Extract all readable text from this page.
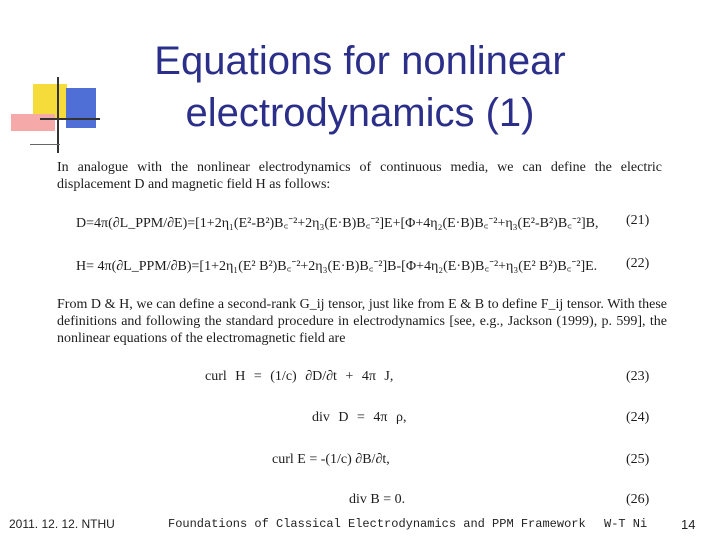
Equations for nonlinear
electrodynamics (1)
In analogue with the nonlinear electrodynamics of continuous media, we can define the electric displacement D and magnetic field H as follows:
D=4π(∂L_PPM/∂E)=[1+2η₁(E²-B²)B꜀⁻²+2η₃(E·B)B꜀⁻²]E+[Φ+4η₂(E·B)B꜀⁻²+η₃(E²-B²)B꜀⁻²]B, (21)
H= 4π(∂L_PPM/∂B)=[1+2η₁(E² B²)B꜀⁻²+2η₃(E·B)B꜀⁻²]B-[Φ+4η₂(E·B)B꜀⁻²+η₃(E² B²)B꜀⁻²]E. (22)
From D & H, we can define a second-rank G_ij tensor, just like from E & B to define F_ij tensor. With these definitions and following the standard procedure in electrodynamics [see, e.g., Jackson (1999), p. 599], the nonlinear equations of the electromagnetic field are
curl H = (1/c) ∂D/∂t + 4π J,	(23)
div D = 4π ρ,	(24)
curl E = -(1/c) ∂B/∂t,	(25)
div B = 0.	(26)
2011. 12. 12. NTHU	Foundations of Classical Electrodynamics and PPM Framework W-T Ni	14
